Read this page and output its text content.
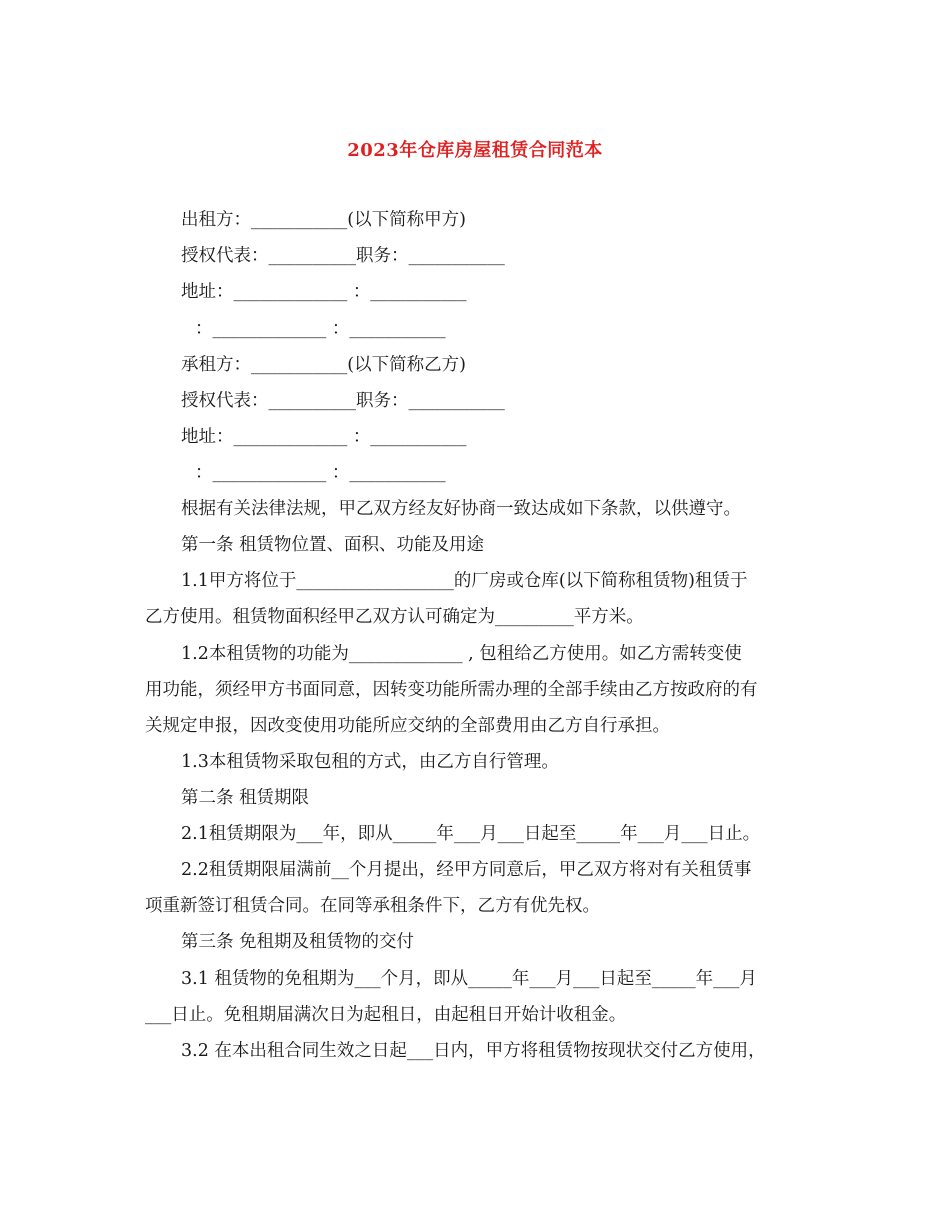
2023年仓库房屋租赁合同范本
出租方：___________(以下简称甲方)
授权代表：__________职务：___________
地址：_____________ ：___________
：_____________ ：___________
承租方：___________(以下简称乙方)
授权代表：__________职务：___________
地址：_____________ ：___________
：_____________ ：___________
根据有关法律法规，甲乙双方经友好协商一致达成如下条款，以供遵守。
第一条 租赁物位置、面积、功能及用途
1.1甲方将位于__________________的厂房或仓库(以下简称租赁物)租赁于
乙方使用。租赁物面积经甲乙双方认可确定为_________平方米。
1.2本租赁物的功能为_____________ , 包租给乙方使用。如乙方需转变使
用功能，须经甲方书面同意，因转变功能所需办理的全部手续由乙方按政府的有
关规定申报，因改变使用功能所应交纳的全部费用由乙方自行承担。
1.3本租赁物采取包租的方式，由乙方自行管理。
第二条 租赁期限
2.1租赁期限为___年，即从_____年___月___日起至_____年___月___日止。
2.2租赁期限届满前__个月提出，经甲方同意后，甲乙双方将对有关租赁事
项重新签订租赁合同。在同等承租条件下，乙方有优先权。
第三条 免租期及租赁物的交付
3.1 租赁物的免租期为___个月，即从_____年___月___日起至_____年___月
___日止。免租期届满次日为起租日，由起租日开始计收租金。
3.2 在本出租合同生效之日起___日内，甲方将租赁物按现状交付乙方使用，
